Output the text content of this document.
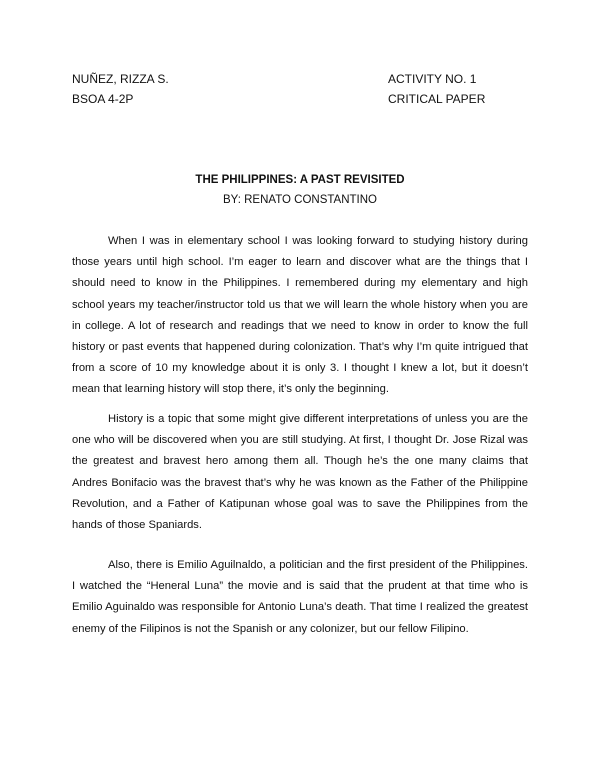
NUÑEZ, RIZZA S.
BSOA 4-2P
ACTIVITY NO. 1
CRITICAL PAPER
THE PHILIPPINES: A PAST REVISITED
BY: RENATO CONSTANTINO

When I was in elementary school I was looking forward to studying history during those years until high school. I’m eager to learn and discover what are the things that I should need to know in the Philippines. I remembered during my elementary and high school years my teacher/instructor told us that we will learn the whole history when you are in college. A lot of research and readings that we need to know in order to know the full history or past events that happened during colonization. That’s why I’m quite intrigued that from a score of 10 my knowledge about it is only 3. I thought I knew a lot, but it doesn’t mean that learning history will stop there, it’s only the beginning.

History is a topic that some might give different interpretations of unless you are the one who will be discovered when you are still studying. At first, I thought Dr. Jose Rizal was the greatest and bravest hero among them all. Though he’s the one many claims that Andres Bonifacio was the bravest that’s why he was known as the Father of the Philippine Revolution, and a Father of Katipunan whose goal was to save the Philippines from the hands of those Spaniards.

Also, there is Emilio Aguilnaldo, a politician and the first president of the Philippines. I watched the “Heneral Luna” the movie and is said that the prudent at that time who is Emilio Aguinaldo was responsible for Antonio Luna’s death. That time I realized the greatest enemy of the Filipinos is not the Spanish or any colonizer, but our fellow Filipino.
